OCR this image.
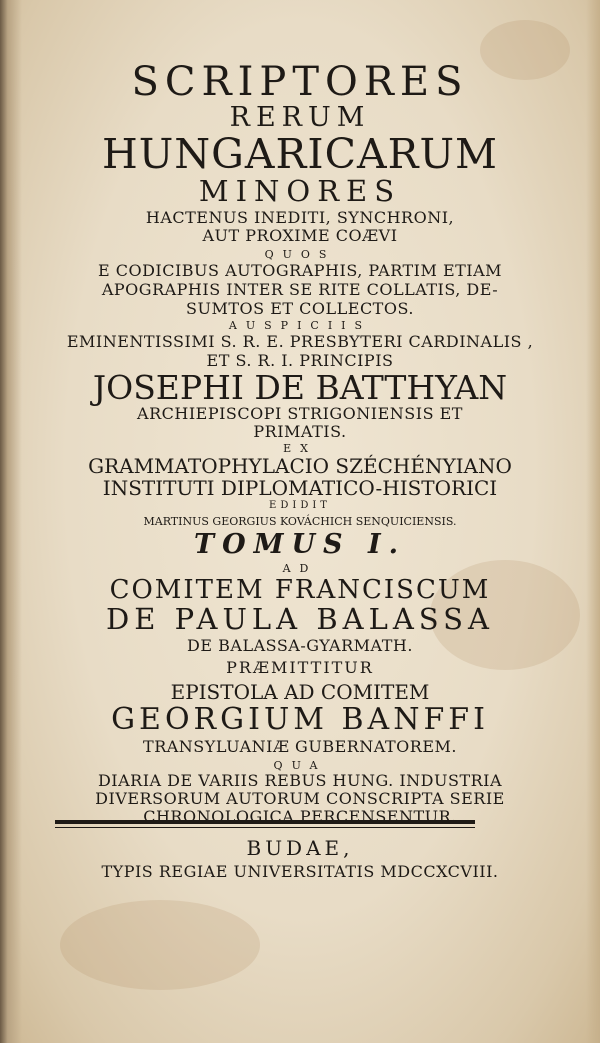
SCRIPTORES
RERUM
HUNGARICARUM
MINORES
HACTENUS INEDITI, SYNCHRONI,
AUT PROXIME COÆVI
QUOS
E CODICIBUS AUTOGRAPHIS, PARTIM ETIAM
APOGRAPHIS INTER SE RITE COLLATIS, DE-
SUMTOS ET COLLECTOS.
AUSPICIIS
EMINENTISSIMI S. R. E. PRESBYTERI CARDINALIS ,
ET S. R. I. PRINCIPIS
JOSEPHI DE BATTHYAN
ARCHIEPISCOPI STRIGONIENSIS ET
PRIMATIS.
EX
GRAMMATOPHYLACIO SZÉCHÉNYIANO
INSTITUTI DIPLOMATICO-HISTORICI
EDIDIT
MARTINUS GEORGIUS KOVÁCHICH SENQUICIENSIS.
TOMUS I.
AD
COMITEM FRANCISCUM
DE PAULA BALASSA
DE BALASSA-GYARMATH.
PRÆMITTITUR
EPISTOLA AD COMITEM
GEORGIUM BANFFI
TRANSYLUANIÆ GUBERNATOREM.
QUA
DIARIA DE VARIIS REBUS HUNG. INDUSTRIA
DIVERSORUM AUTORUM CONSCRIPTA SERIE
CHRONOLOGICA PERCENSENTUR.
BUDAE,
TYPIS REGIAE UNIVERSITATIS MDCCXCVIII.
